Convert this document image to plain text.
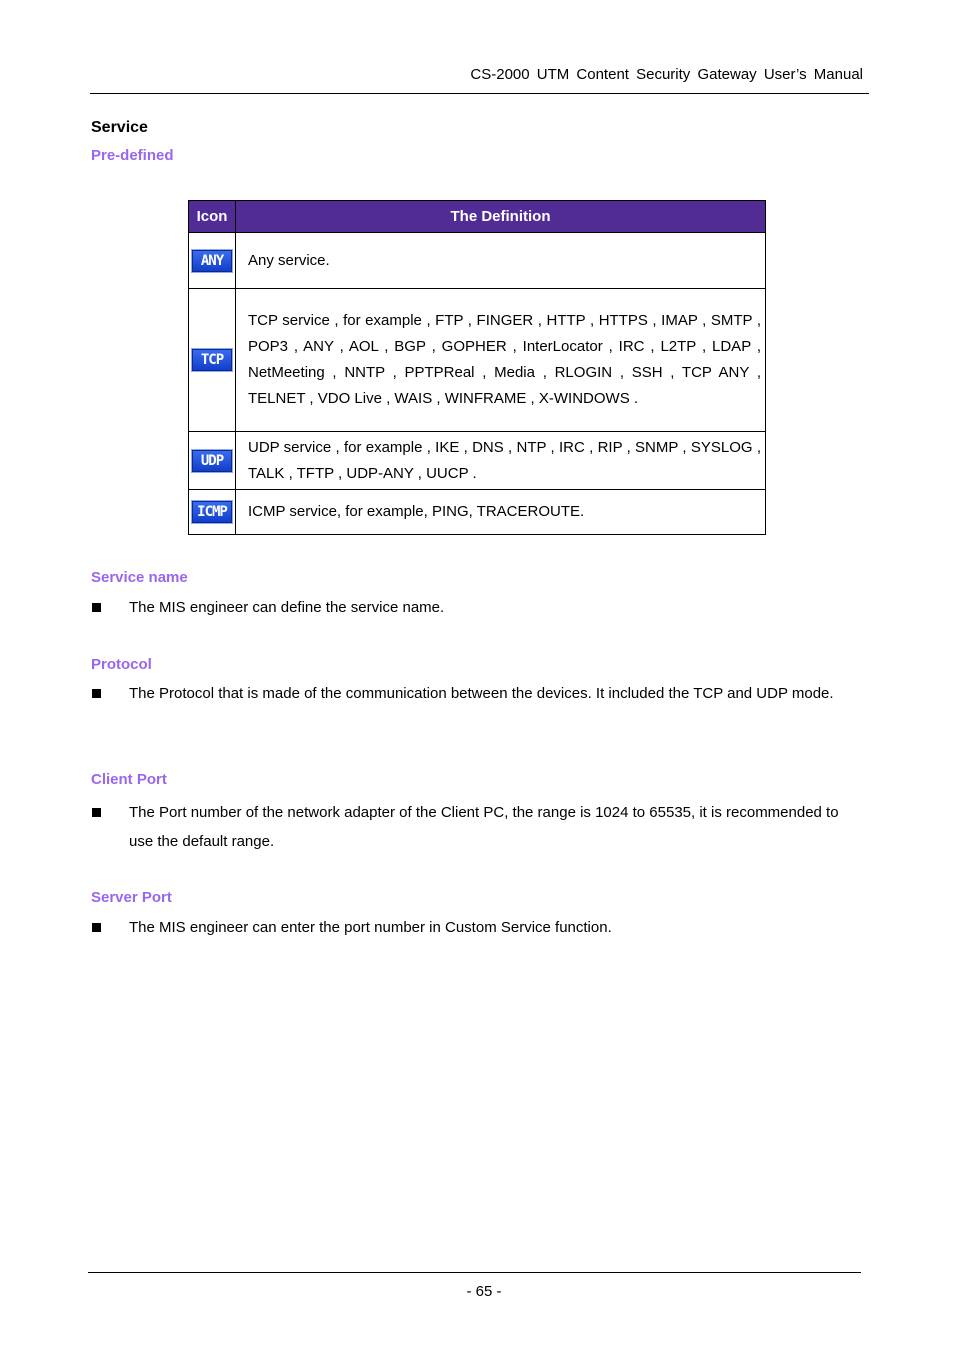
CS-2000 UTM Content Security Gateway User’s Manual
Service
Pre-defined
Icon	The Definition
ANY	Any service.
TCP	TCP service , for example , FTP , FINGER , HTTP , HTTPS , IMAP , SMTP , POP3 , ANY , AOL , BGP , GOPHER , InterLocator , IRC , L2TP , LDAP , NetMeeting , NNTP , PPTPReal , Media , RLOGIN , SSH , TCP ANY , TELNET , VDO Live , WAIS , WINFRAME , X-WINDOWS .
UDP	UDP service , for example , IKE , DNS , NTP , IRC , RIP , SNMP , SYSLOG , TALK , TFTP , UDP-ANY , UUCP .
ICMP	ICMP service, for example, PING, TRACEROUTE.
Service name
The MIS engineer can define the service name.
Protocol
The Protocol that is made of the communication between the devices. It included the TCP and UDP mode.
Client Port
The Port number of the network adapter of the Client PC, the range is 1024 to 65535, it is recommended to use the default range.
Server Port
The MIS engineer can enter the port number in Custom Service function.
- 65 -
